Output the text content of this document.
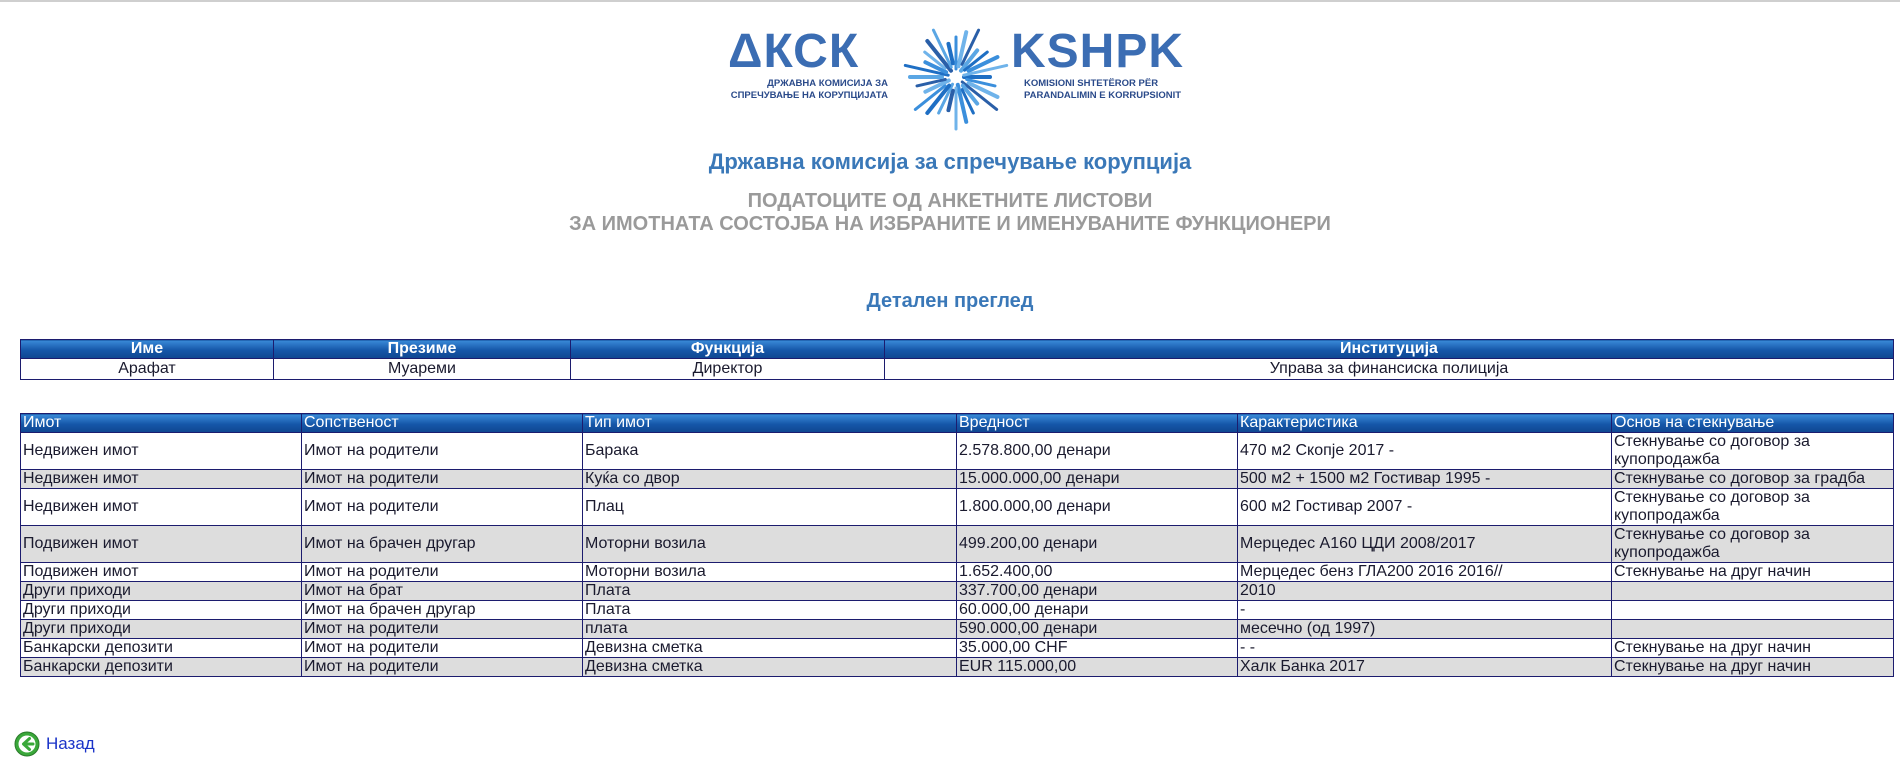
ΔКСК
ДРЖАВНА КОМИСИЈА ЗА
СПРЕЧУВАЊЕ НА КОРУПЦИЈАТА
KSHPK
KOMISIONI SHTETËROR PËR
PARANDALIMIN E KORRUPSIONIT
Државна комисија за спречување корупција
ПОДАТОЦИТЕ ОД АНКЕТНИТЕ ЛИСТОВИ
ЗА ИМОТНАТА СОСТОЈБА НА ИЗБРАНИТЕ И ИМЕНУВАНИТЕ ФУНКЦИОНЕРИ
Детален преглед
Име	Презиме	Функција	Институција
Арафат	Муареми	Директор	Управа за финансиска полиција
Имот	Сопственост	Тип имот	Вредност	Карактеристика	Основ на стекнување
Недвижен имот	Имот на родители	Барака	2.578.800,00 денари	470 м2 Скопје 2017 -	Стекнување со договор за купопродажба
Недвижен имот	Имот на родители	Куќа со двор	15.000.000,00 денари	500 м2 + 1500 м2 Гостивар 1995 -	Стекнување со договор за градба
Недвижен имот	Имот на родители	Плац	1.800.000,00 денари	600 м2 Гостивар 2007 -	Стекнување со договор за купопродажба
Подвижен имот	Имот на брачен другар	Моторни возила	499.200,00 денари	Мерцедес А160 ЦДИ 2008/2017	Стекнување со договор за купопродажба
Подвижен имот	Имот на родители	Моторни возила	1.652.400,00	Мерцедес бенз ГЛА200 2016 2016//	Стекнување на друг начин
Други приходи	Имот на брат	Плата	337.700,00 денари	2010	
Други приходи	Имот на брачен другар	Плата	60.000,00 денари	-	
Други приходи	Имот на родители	плата	590.000,00 денари	месечно (од 1997)	
Банкарски депозити	Имот на родители	Девизна сметка	35.000,00 CHF	- -	Стекнување на друг начин
Банкарски депозити	Имот на родители	Девизна сметка	EUR 115.000,00	Халк Банка 2017	Стекнување на друг начин
Назад
